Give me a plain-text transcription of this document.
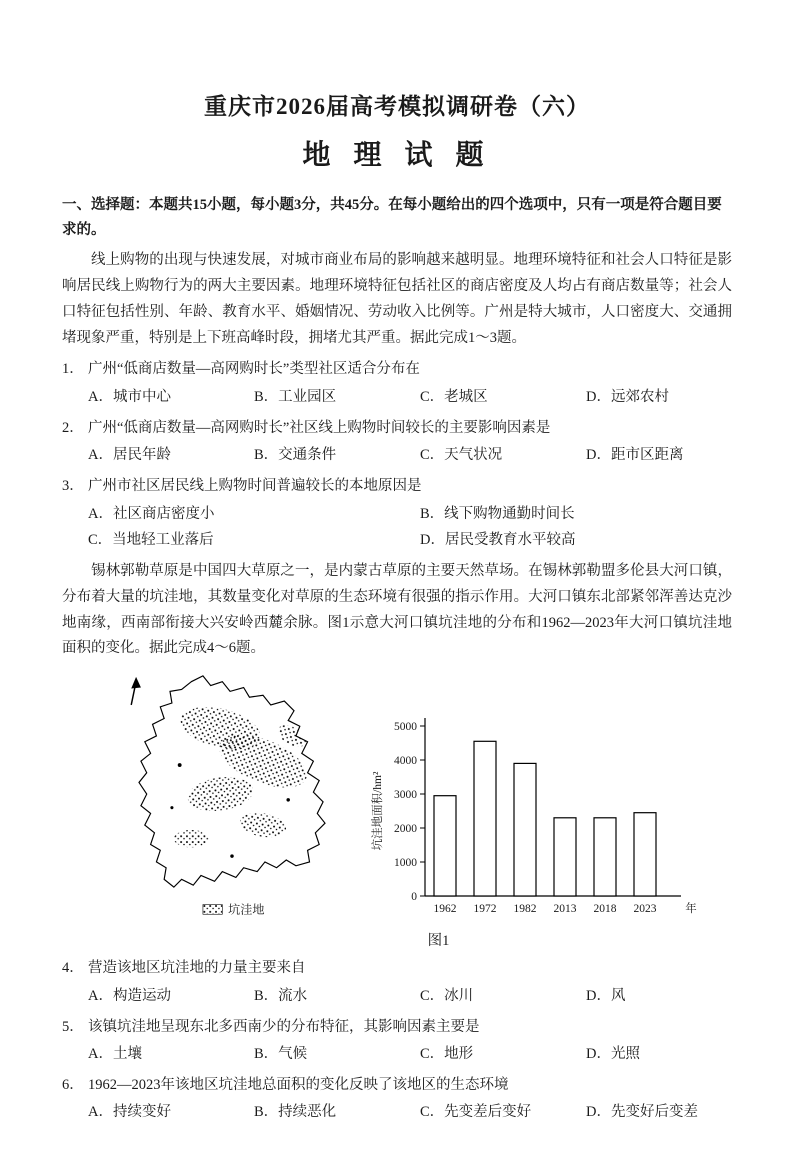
重庆市2026届高考模拟调研卷（六）
地 理 试 题
一、选择题：本题共15小题，每小题3分，共45分。在每小题给出的四个选项中，只有一项是符合题目要求的。
线上购物的出现与快速发展，对城市商业布局的影响越来越明显。地理环境特征和社会人口特征是影响居民线上购物行为的两大主要因素。地理环境特征包括社区的商店密度及人均占有商店数量等；社会人口特征包括性别、年龄、教育水平、婚姻情况、劳动收入比例等。广州是特大城市，人口密度大、交通拥堵现象严重，特别是上下班高峰时段，拥堵尤其严重。据此完成1～3题。
1． 广州“低商店数量—高网购时长”类型社区适合分布在
A．城市中心	B．工业园区	C．老城区	D．远郊农村
2． 广州“低商店数量—高网购时长”社区线上购物时间较长的主要影响因素是
A．居民年龄	B．交通条件	C．天气状况	D．距市区距离
3． 广州市社区居民线上购物时间普遍较长的本地原因是
A．社区商店密度小	B．线下购物通勤时间长
C．当地轻工业落后	D．居民受教育水平较高
锡林郭勒草原是中国四大草原之一，是内蒙古草原的主要天然草场。在锡林郭勒盟多伦县大河口镇，分布着大量的坑洼地，其数量变化对草原的生态环境有很强的指示作用。大河口镇东北部紧邻浑善达克沙地南缘，西南部衔接大兴安岭西麓余脉。图1示意大河口镇坑洼地的分布和1962—2023年大河口镇坑洼地面积的变化。据此完成4～6题。
坑洼地
0
1000
2000
3000
4000
5000
1962 1972 1982 2013 2018 2023	年
坑洼地面积/hm²
图1
4． 营造该地区坑洼地的力量主要来自
A．构造运动	B．流水	C．冰川	D．风
5． 该镇坑洼地呈现东北多西南少的分布特征，其影响因素主要是
A．土壤	B．气候	C．地形	D．光照
6． 1962—2023年该地区坑洼地总面积的变化反映了该地区的生态环境
A．持续变好	B．持续恶化	C．先变差后变好	D．先变好后变差
